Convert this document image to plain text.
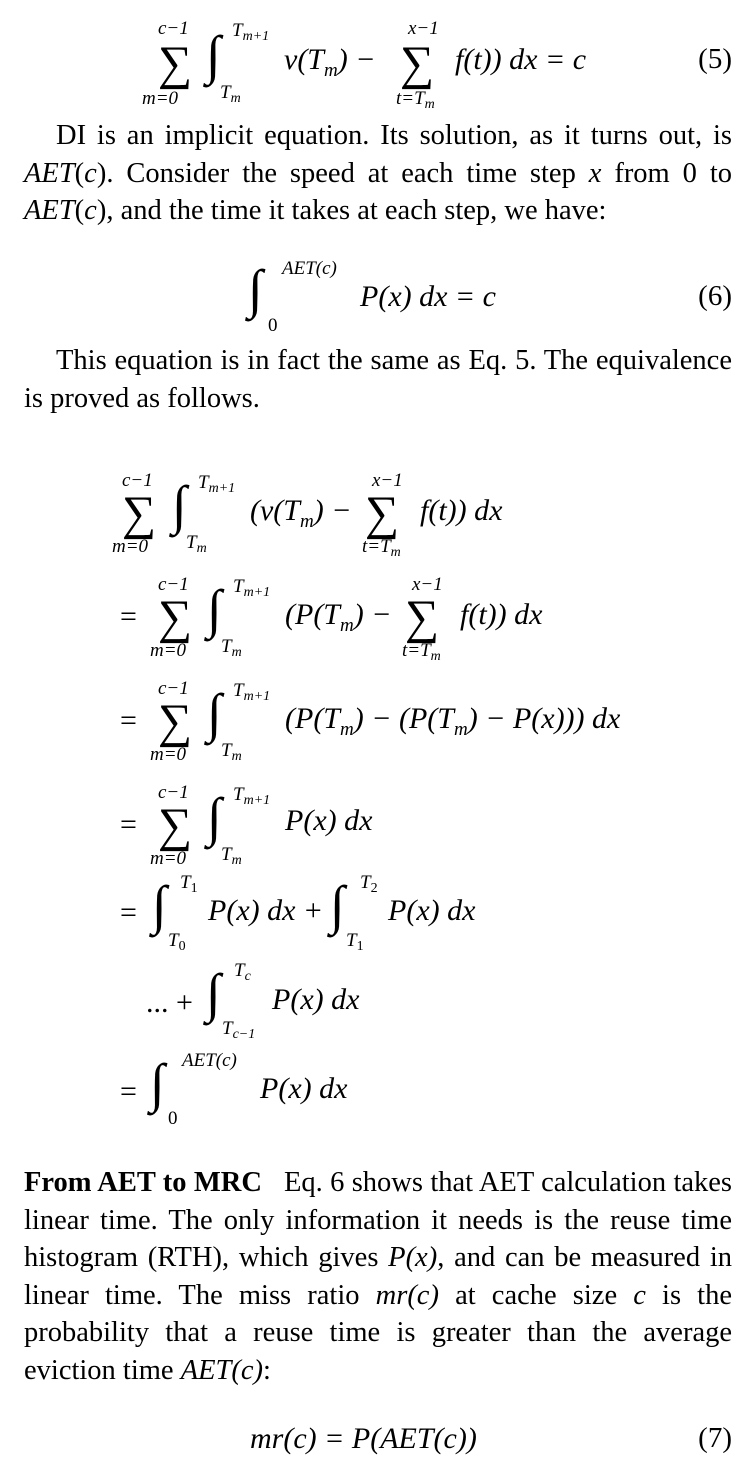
c−1
∑
m=0
∫ $T_{m+1}$
$T_m$
$v(T_m)$ −
x−1
∑
$t=T_m$
f(t)) dx = c	(5)

DI is an implicit equation. Its solution, as it turns out, is AET(c). Consider the speed at each time step x from 0 to AET(c), and the time it takes at each step, we have:

∫ AET(c)
0
P(x) dx = c	(6)

This equation is in fact the same as Eq. 5. The equivalence is proved as follows.

c−1
∑
m=0
∫ $T_{m+1}$
$T_m$
($v(T_m)$ −
x−1
∑
$t=T_m$
f(t)) dx
=
c−1
∑
m=0
∫ $T_{m+1}$
$T_m$
($P(T_m)$ −
x−1
∑
$t=T_m$
f(t)) dx
=
c−1
∑
m=0
∫ $T_{m+1}$
$T_m$
$(P(T_m) - (P(T_m) - P(x)))$ dx
=
c−1
∑
m=0
∫ $T_{m+1}$
$T_m$
P(x) dx
= ∫ $T_1$
$T_0$
P(x) dx + ∫ $T_2$
$T_1$
P(x) dx
... + ∫ $T_c$
$T_{c-1}$
P(x) dx
= ∫ AET(c)
0
P(x) dx

From AET to MRC Eq. 6 shows that AET calculation takes linear time. The only information it needs is the reuse time histogram (RTH), which gives P(x), and can be measured in linear time. The miss ratio mr(c) at cache size c is the probability that a reuse time is greater than the average eviction time AET(c):

mr(c) = P(AET(c))	(7)
